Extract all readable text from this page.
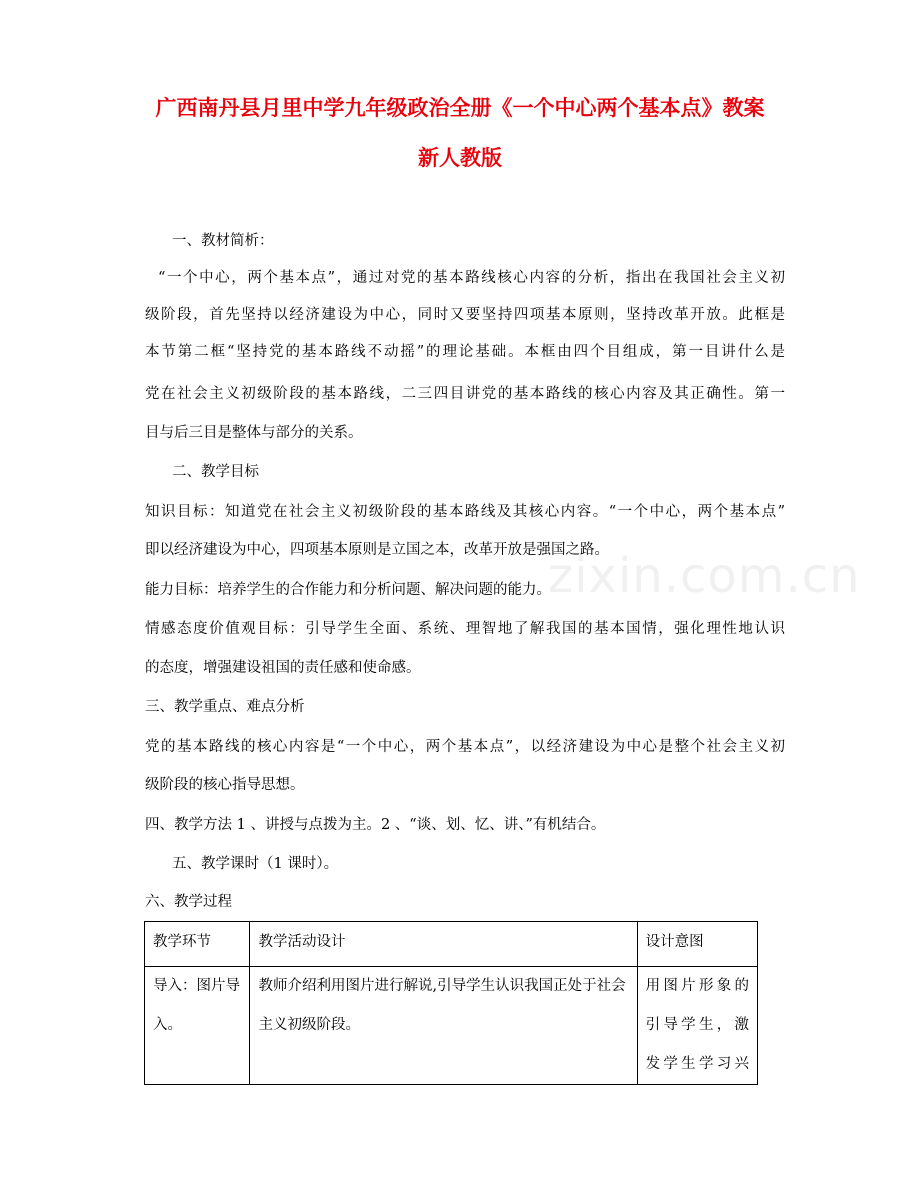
广西南丹县月里中学九年级政治全册《一个中心两个基本点》教案
新人教版

一、教材简析：

“一个中心，两个基本点”，通过对党的基本路线核心内容的分析，指出在我国社会主义初

级阶段，首先坚持以经济建设为中心，同时又要坚持四项基本原则，坚持改革开放。此框是

本节第二框“坚持党的基本路线不动摇”的理论基础。本框由四个目组成，第一目讲什么是

党在社会主义初级阶段的基本路线，二三四目讲党的基本路线的核心内容及其正确性。第一

目与后三目是整体与部分的关系。

二、教学目标

知识目标：知道党在社会主义初级阶段的基本路线及其核心内容。“一个中心，两个基本点”

即以经济建设为中心，四项基本原则是立国之本，改革开放是强国之路。

能力目标：培养学生的合作能力和分析问题、解决问题的能力。

情感态度价值观目标：引导学生全面、系统、理智地了解我国的基本国情，强化理性地认识

的态度，增强建设祖国的责任感和使命感。

三、教学重点、难点分析

党的基本路线的核心内容是“一个中心，两个基本点”，以经济建设为中心是整个社会主义初

级阶段的核心指导思想。

四、教学方法 1 、讲授与点拨为主。2 、“谈、划、忆、讲、”有机结合。

五、教学课时（1 课时）。

六、教学过程

zixin.com.cn
教学环节	教学活动设计	设计意图

导入：图片导入。	教师介绍利用图片进行解说,引导学生认识我国正处于社会主义初级阶段。	用图片形象的
引导学生，激
发学生学习兴
